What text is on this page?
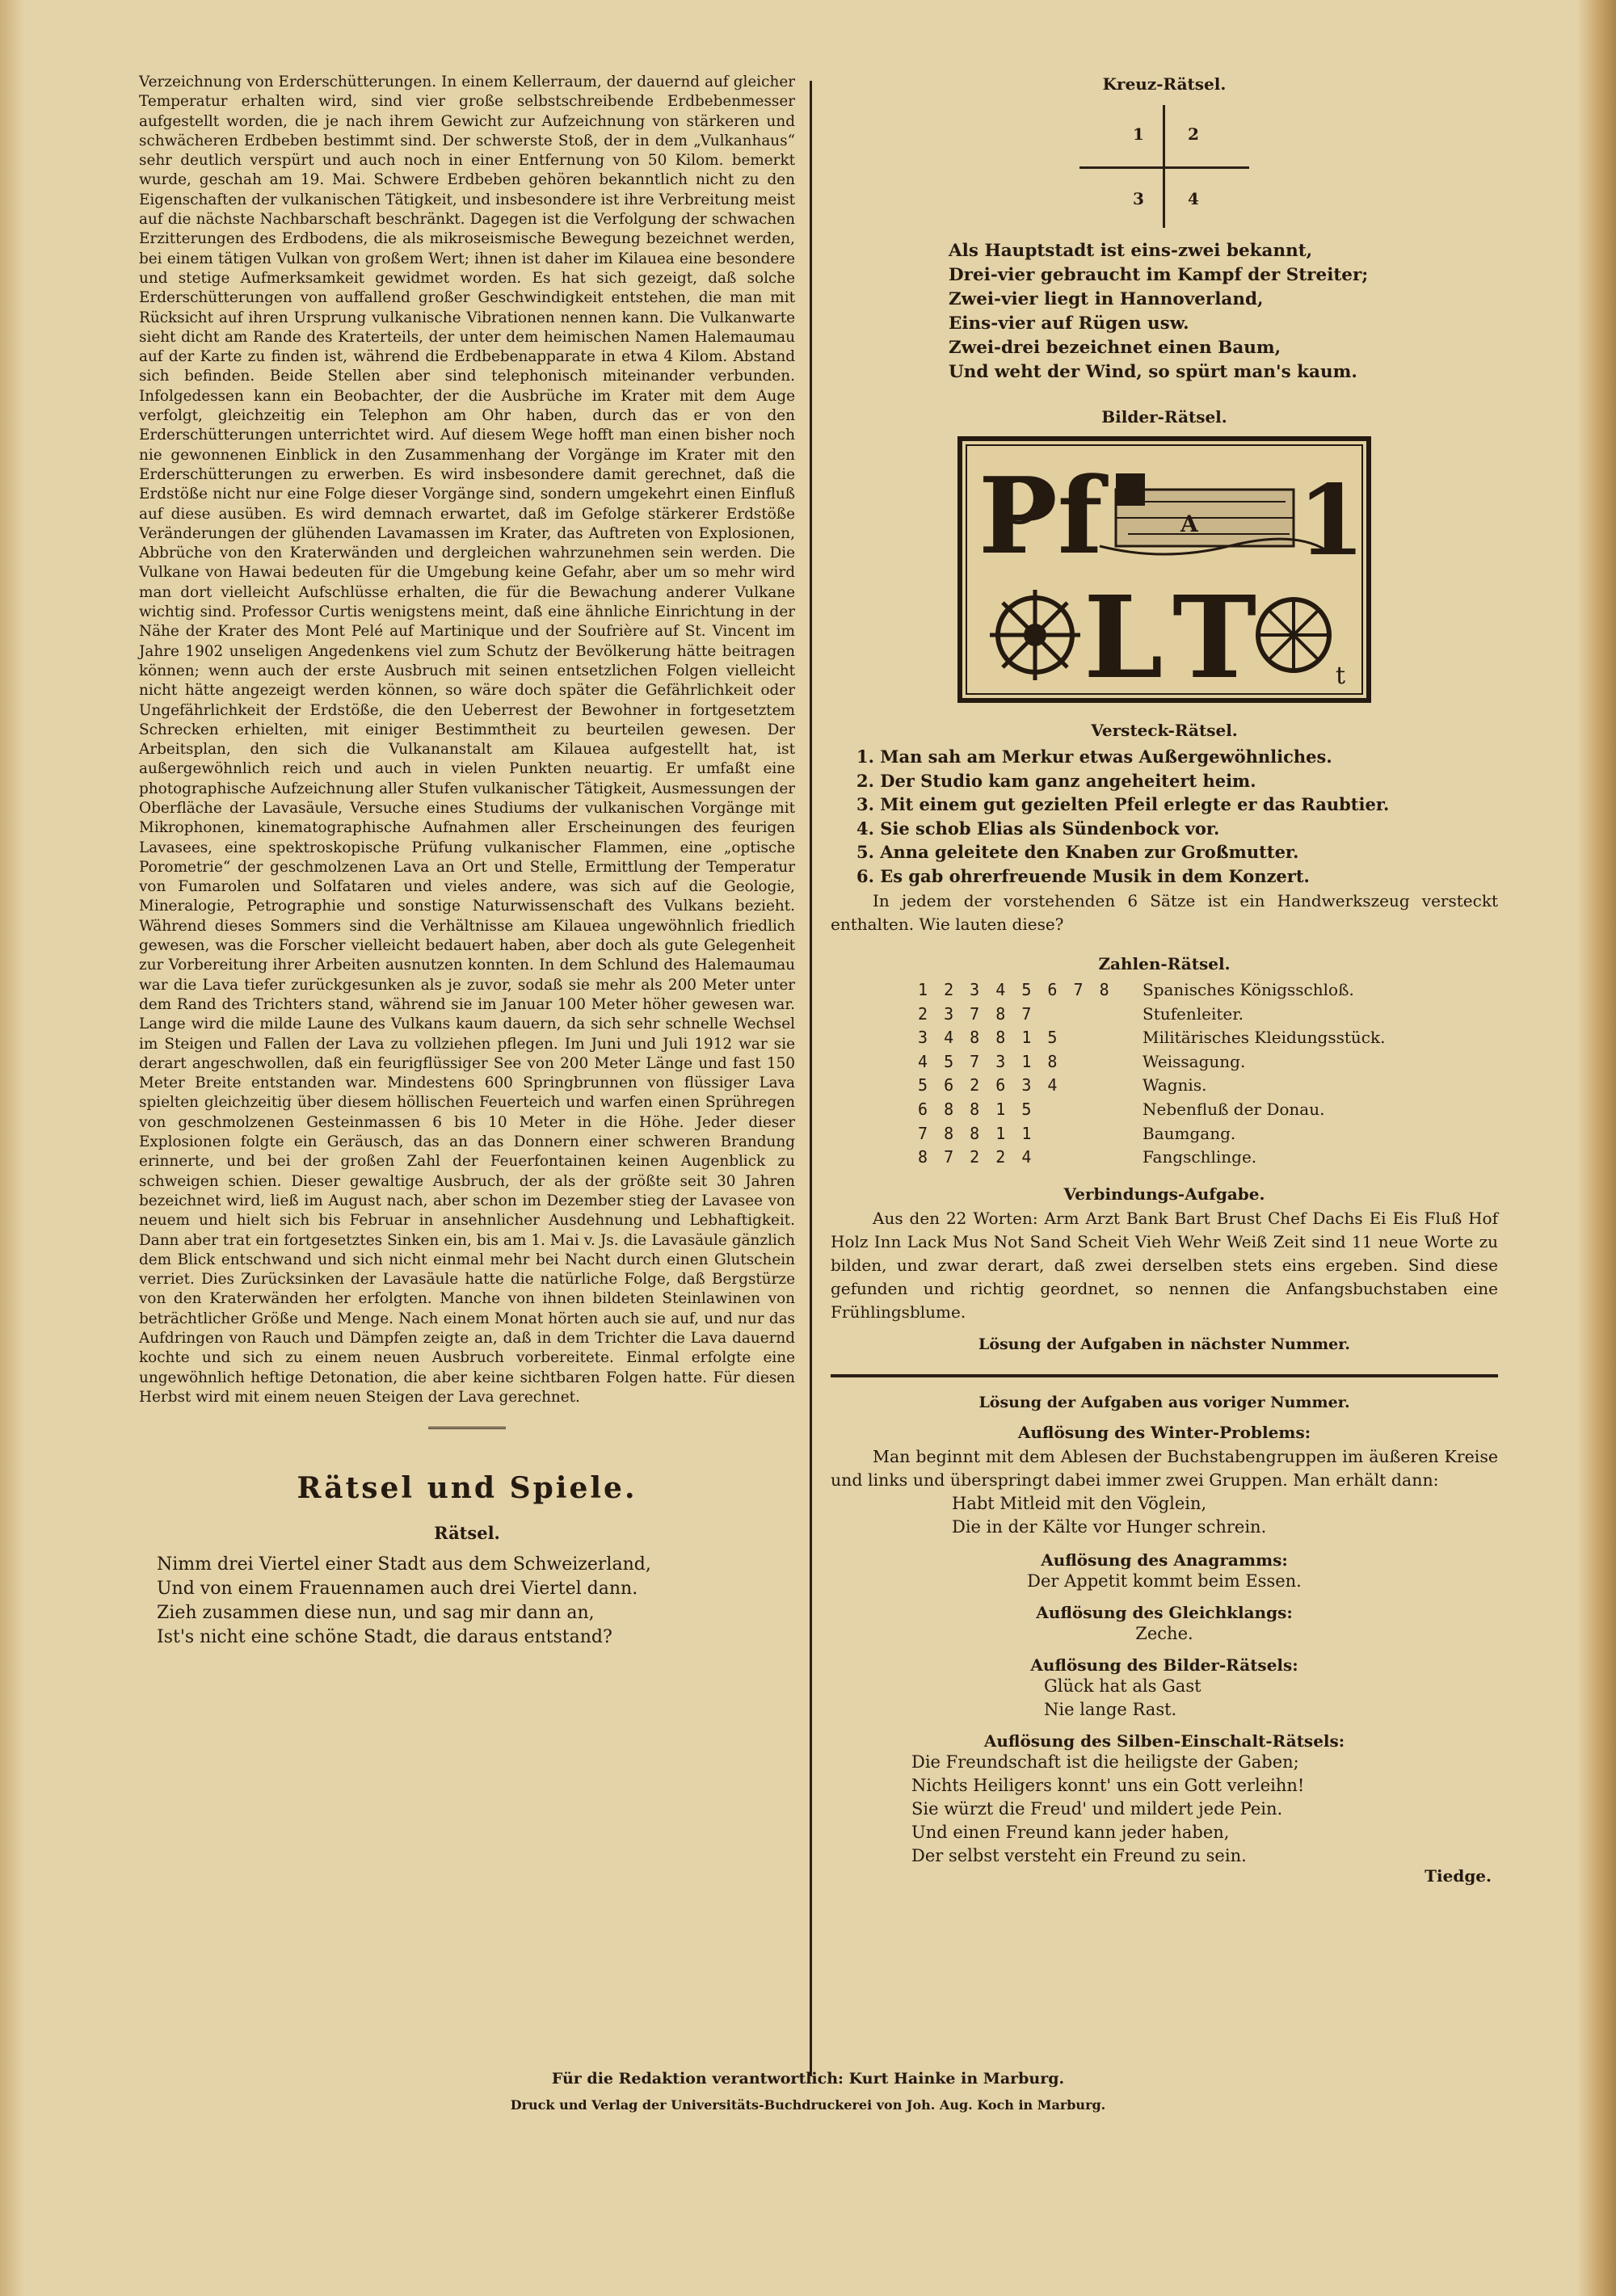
Verzeichnung von Erderschütterungen. In einem Kellerraum, der dauernd auf gleicher Temperatur erhalten wird, sind vier große selbstschreibende Erdbebenmesser aufgestellt worden, die je nach ihrem Gewicht zur Aufzeichnung von stärkeren und schwächeren Erdbeben bestimmt sind. Der schwerste Stoß, der in dem „Vulkanhaus“ sehr deutlich verspürt und auch noch in einer Entfernung von 50 Kilom. bemerkt wurde, geschah am 19. Mai. Schwere Erdbeben gehören bekanntlich nicht zu den Eigenschaften der vulkanischen Tätigkeit, und insbesondere ist ihre Verbreitung meist auf die nächste Nachbarschaft beschränkt. Dagegen ist die Verfolgung der schwachen Erzitterungen des Erdbodens, die als mikroseismische Bewegung bezeichnet werden, bei einem tätigen Vulkan von großem Wert; ihnen ist daher im Kilauea eine besondere und stetige Aufmerksamkeit gewidmet worden. Es hat sich gezeigt, daß solche Erderschütterungen von auffallend großer Geschwindigkeit entstehen, die man mit Rücksicht auf ihren Ursprung vulkanische Vibrationen nennen kann. Die Vulkanwarte sieht dicht am Rande des Kraterteils, der unter dem heimischen Namen Halemaumau auf der Karte zu finden ist, während die Erdbebenapparate in etwa 4 Kilom. Abstand sich befinden. Beide Stellen aber sind telephonisch miteinander verbunden. Infolgedessen kann ein Beobachter, der die Ausbrüche im Krater mit dem Auge verfolgt, gleichzeitig ein Telephon am Ohr haben, durch das er von den Erderschütterungen unterrichtet wird. Auf diesem Wege hofft man einen bisher noch nie gewonnenen Einblick in den Zusammenhang der Vorgänge im Krater mit den Erderschütterungen zu erwerben. Es wird insbesondere damit gerechnet, daß die Erdstöße nicht nur eine Folge dieser Vorgänge sind, sondern umgekehrt einen Einfluß auf diese ausüben. Es wird demnach erwartet, daß im Gefolge stärkerer Erdstöße Veränderungen der glühenden Lavamassen im Krater, das Auftreten von Explosionen, Abbrüche von den Kraterwänden und dergleichen wahrzunehmen sein werden. Die Vulkane von Hawai bedeuten für die Umgebung keine Gefahr, aber um so mehr wird man dort vielleicht Aufschlüsse erhalten, die für die Bewachung anderer Vulkane wichtig sind. Professor Curtis wenigstens meint, daß eine ähnliche Einrichtung in der Nähe der Krater des Mont Pelé auf Martinique und der Soufrière auf St. Vincent im Jahre 1902 unseligen Angedenkens viel zum Schutz der Bevölkerung hätte beitragen können; wenn auch der erste Ausbruch mit seinen entsetzlichen Folgen vielleicht nicht hätte angezeigt werden können, so wäre doch später die Gefährlichkeit oder Ungefährlichkeit der Erdstöße, die den Ueberrest der Bewohner in fortgesetztem Schrecken erhielten, mit einiger Bestimmtheit zu beurteilen gewesen. Der Arbeitsplan, den sich die Vulkananstalt am Kilauea aufgestellt hat, ist außergewöhnlich reich und auch in vielen Punkten neuartig. Er umfaßt eine photographische Aufzeichnung aller Stufen vulkanischer Tätigkeit, Ausmessungen der Oberfläche der Lavasäule, Versuche eines Studiums der vulkanischen Vorgänge mit Mikrophonen, kinematographische Aufnahmen aller Erscheinungen des feurigen Lavasees, eine spektroskopische Prüfung vulkanischer Flammen, eine „optische Porometrie“ der geschmolzenen Lava an Ort und Stelle, Ermittlung der Temperatur von Fumarolen und Solfataren und vieles andere, was sich auf die Geologie, Mineralogie, Petrographie und sonstige Naturwissenschaft des Vulkans bezieht. Während dieses Sommers sind die Verhältnisse am Kilauea ungewöhnlich friedlich gewesen, was die Forscher vielleicht bedauert haben, aber doch als gute Gelegenheit zur Vorbereitung ihrer Arbeiten ausnutzen konnten. In dem Schlund des Halemaumau war die Lava tiefer zurückgesunken als je zuvor, sodaß sie mehr als 200 Meter unter dem Rand des Trichters stand, während sie im Januar 100 Meter höher gewesen war. Lange wird die milde Laune des Vulkans kaum dauern, da sich sehr schnelle Wechsel im Steigen und Fallen der Lava zu vollziehen pflegen. Im Juni und Juli 1912 war sie derart angeschwollen, daß ein feurigflüssiger See von 200 Meter Länge und fast 150 Meter Breite entstanden war. Mindestens 600 Springbrunnen von flüssiger Lava spielten gleichzeitig über diesem höllischen Feuerteich und warfen einen Sprühregen von geschmolzenen Gesteinmassen 6 bis 10 Meter in die Höhe. Jeder dieser Explosionen folgte ein Geräusch, das an das Donnern einer schweren Brandung erinnerte, und bei der großen Zahl der Feuerfontainen keinen Augenblick zu schweigen schien. Dieser gewaltige Ausbruch, der als der größte seit 30 Jahren bezeichnet wird, ließ im August nach, aber schon im Dezember stieg der Lavasee von neuem und hielt sich bis Februar in ansehnlicher Ausdehnung und Lebhaftigkeit. Dann aber trat ein fortgesetztes Sinken ein, bis am 1. Mai v. Js. die Lavasäule gänzlich dem Blick entschwand und sich nicht einmal mehr bei Nacht durch einen Glutschein verriet. Dies Zurücksinken der Lavasäule hatte die natürliche Folge, daß Bergstürze von den Kraterwänden her erfolgten. Manche von ihnen bildeten Steinlawinen von beträchtlicher Größe und Menge. Nach einem Monat hörten auch sie auf, und nur das Aufdringen von Rauch und Dämpfen zeigte an, daß in dem Trichter die Lava dauernd kochte und sich zu einem neuen Ausbruch vorbereitete. Einmal erfolgte eine ungewöhnlich heftige Detonation, die aber keine sichtbaren Folgen hatte. Für diesen Herbst wird mit einem neuen Steigen der Lava gerechnet.

Rätsel und Spiele.
Rätsel.
Nimm drei Viertel einer Stadt aus dem Schweizerland,
Und von einem Frauennamen auch drei Viertel dann.
Zieh zusammen diese nun, und sag mir dann an,
Ist's nicht eine schöne Stadt, die daraus entstand?
Kreuz-Rätsel.
1	2
3	4
Als Hauptstadt ist eins-zwei bekannt,
Drei-vier gebraucht im Kampf der Streiter;
Zwei-vier liegt in Hannoverland,
Eins-vier auf Rügen usw.
Zwei-drei bezeichnet einen Baum,
Und weht der Wind, so spürt man's kaum.
Bilder-Rätsel.
Pf	A 1
L T	t
Versteck-Rätsel.
1. Man sah am Merkur etwas Außergewöhnliches.
2. Der Studio kam ganz angeheitert heim.
3. Mit einem gut gezielten Pfeil erlegte er das Raubtier.
4. Sie schob Elias als Sündenbock vor.
5. Anna geleitete den Knaben zur Großmutter.
6. Es gab ohrerfreuende Musik in dem Konzert.

In jedem der vorstehenden 6 Sätze ist ein Handwerkszeug versteckt enthalten. Wie lauten diese?

Zahlen-Rätsel.
1 2 3 4 5 6 7 8	Spanisches Königsschloß.
2 3 7 8 7	Stufenleiter.
3 4 8 8 1 5	Militärisches Kleidungsstück.
4 5 7 3 1 8	Weissagung.
5 6 2 6 3 4	Wagnis.
6 8 8 1 5	Nebenfluß der Donau.
7 8 8 1 1	Baumgang.
8 7 2 2 4	Fangschlinge.
Verbindungs-Aufgabe.

Aus den 22 Worten: Arm Arzt Bank Bart Brust Chef Dachs Ei Eis Fluß Hof Holz Inn Lack Mus Not Sand Scheit Vieh Wehr Weiß Zeit sind 11 neue Worte zu bilden, und zwar derart, daß zwei derselben stets eins ergeben. Sind diese gefunden und richtig geordnet, so nennen die Anfangsbuchstaben eine Frühlingsblume.

Lösung der Aufgaben in nächster Nummer.
Lösung der Aufgaben aus voriger Nummer.
Auflösung des Winter-Problems:

Man beginnt mit dem Ablesen der Buchstabengruppen im äußeren Kreise und links und überspringt dabei immer zwei Gruppen. Man erhält dann:

Habt Mitleid mit den Vöglein,
Die in der Kälte vor Hunger schrein.
Auflösung des Anagramms:
Der Appetit kommt beim Essen.
Auflösung des Gleichklangs:
Zeche.
Auflösung des Bilder-Rätsels:
Glück hat als Gast
Nie lange Rast.
Auflösung des Silben-Einschalt-Rätsels:
Die Freundschaft ist die heiligste der Gaben;
Nichts Heiligers konnt' uns ein Gott verleihn!
Sie würzt die Freud' und mildert jede Pein.
Und einen Freund kann jeder haben,
Der selbst versteht ein Freund zu sein.
Tiedge.
Für die Redaktion verantwortlich: Kurt Hainke in Marburg.
Druck und Verlag der Universitäts-Buchdruckerei von Joh. Aug. Koch in Marburg.
